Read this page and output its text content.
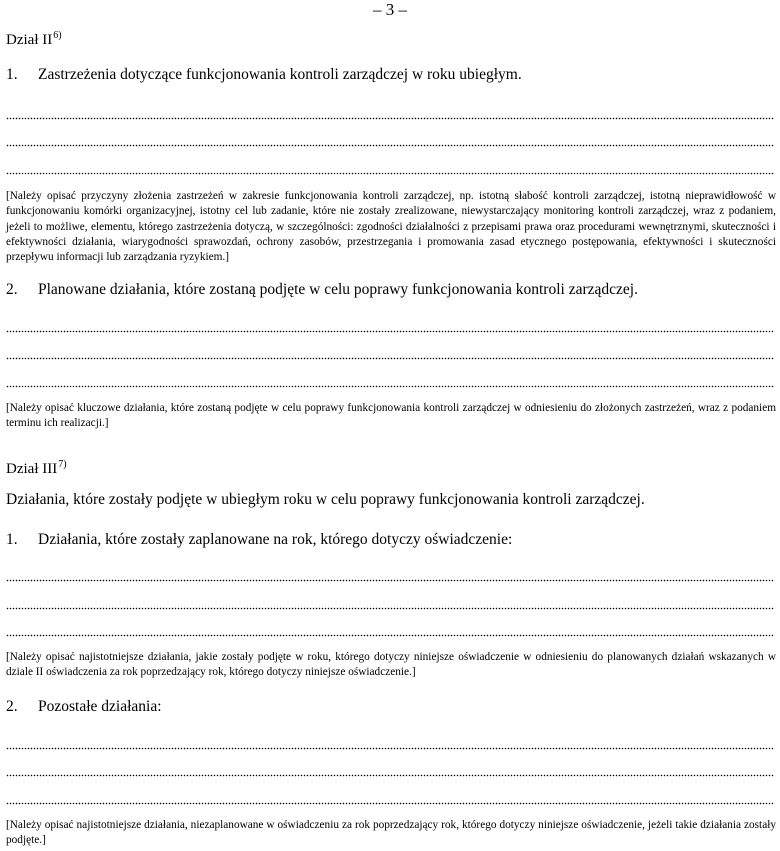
– 3 –
Dział II$^{6)}$
1. Zastrzeżenia dotyczące funkcjonowania kontroli zarządczej w roku ubiegłym.
[Należy opisać przyczyny złożenia zastrzeżeń w zakresie funkcjonowania kontroli zarządczej, np. istotną słabość kontroli zarządczej, istotną nieprawidłowość w funkcjonowaniu komórki organizacyjnej, istotny cel lub zadanie, które nie zostały zrealizowane, niewystarczający monitoring kontroli zarządczej, wraz z podaniem, jeżeli to możliwe, elementu, którego zastrzeżenia dotyczą, w szczególności: zgodności działalności z przepisami prawa oraz procedurami wewnętrznymi, skuteczności i efektywności działania, wiarygodności sprawozdań, ochrony zasobów, przestrzegania i promowania zasad etycznego postępowania, efektywności i skuteczności przepływu informacji lub zarządzania ryzykiem.]
2. Planowane działania, które zostaną podjęte w celu poprawy funkcjonowania kontroli zarządczej.
[Należy opisać kluczowe działania, które zostaną podjęte w celu poprawy funkcjonowania kontroli zarządczej w odniesieniu do złożonych zastrzeżeń, wraz z podaniem terminu ich realizacji.]
Dział III$^{7)}$
Działania, które zostały podjęte w ubiegłym roku w celu poprawy funkcjonowania kontroli zarządczej.
1. Działania, które zostały zaplanowane na rok, którego dotyczy oświadczenie:
[Należy opisać najistotniejsze działania, jakie zostały podjęte w roku, którego dotyczy niniejsze oświadczenie w odniesieniu do planowanych działań wskazanych w dziale II oświadczenia za rok poprzedzający rok, którego dotyczy niniejsze oświadczenie.]
2. Pozostałe działania:
[Należy opisać najistotniejsze działania, niezaplanowane w oświadczeniu za rok poprzedzający rok, którego dotyczy niniejsze oświadczenie, jeżeli takie działania zostały podjęte.]
